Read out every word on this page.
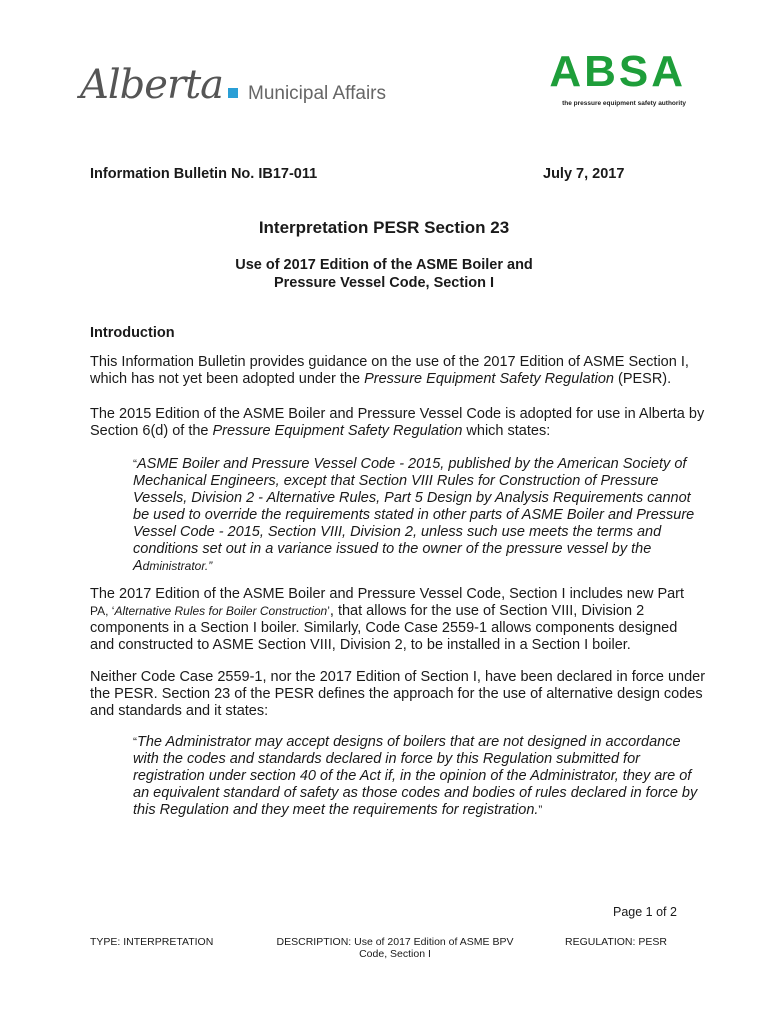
Alberta Municipal Affairs	ABSA
the pressure equipment safety authority
Information Bulletin No. IB17-011	July 7, 2017
Interpretation PESR Section 23
Use of 2017 Edition of the ASME Boiler and
Pressure Vessel Code, Section I
Introduction
This Information Bulletin provides guidance on the use of the 2017 Edition of ASME Section I,
which has not yet been adopted under the Pressure Equipment Safety Regulation (PESR).
The 2015 Edition of the ASME Boiler and Pressure Vessel Code is adopted for use in Alberta by
Section 6(d) of the Pressure Equipment Safety Regulation which states:
“ASME Boiler and Pressure Vessel Code - 2015, published by the American Society of
Mechanical Engineers, except that Section VIII Rules for Construction of Pressure
Vessels, Division 2 - Alternative Rules, Part 5 Design by Analysis Requirements cannot
be used to override the requirements stated in other parts of ASME Boiler and Pressure
Vessel Code - 2015, Section VIII, Division 2, unless such use meets the terms and
conditions set out in a variance issued to the owner of the pressure vessel by the
Administrator.”
The 2017 Edition of the ASME Boiler and Pressure Vessel Code, Section I includes new Part
PA, ‘Alternative Rules for Boiler Construction’, that allows for the use of Section VIII, Division 2
components in a Section I boiler. Similarly, Code Case 2559-1 allows components designed
and constructed to ASME Section VIII, Division 2, to be installed in a Section I boiler.
Neither Code Case 2559-1, nor the 2017 Edition of Section I, have been declared in force under
the PESR. Section 23 of the PESR defines the approach for the use of alternative design codes
and standards and it states:
“The Administrator may accept designs of boilers that are not designed in accordance
with the codes and standards declared in force by this Regulation submitted for
registration under section 40 of the Act if, in the opinion of the Administrator, they are of
an equivalent standard of safety as those codes and bodies of rules declared in force by
this Regulation and they meet the requirements for registration.”
Page 1 of 2
TYPE: INTERPRETATION	DESCRIPTION: Use of 2017 Edition of ASME BPV
Code, Section I
REGULATION: PESR
